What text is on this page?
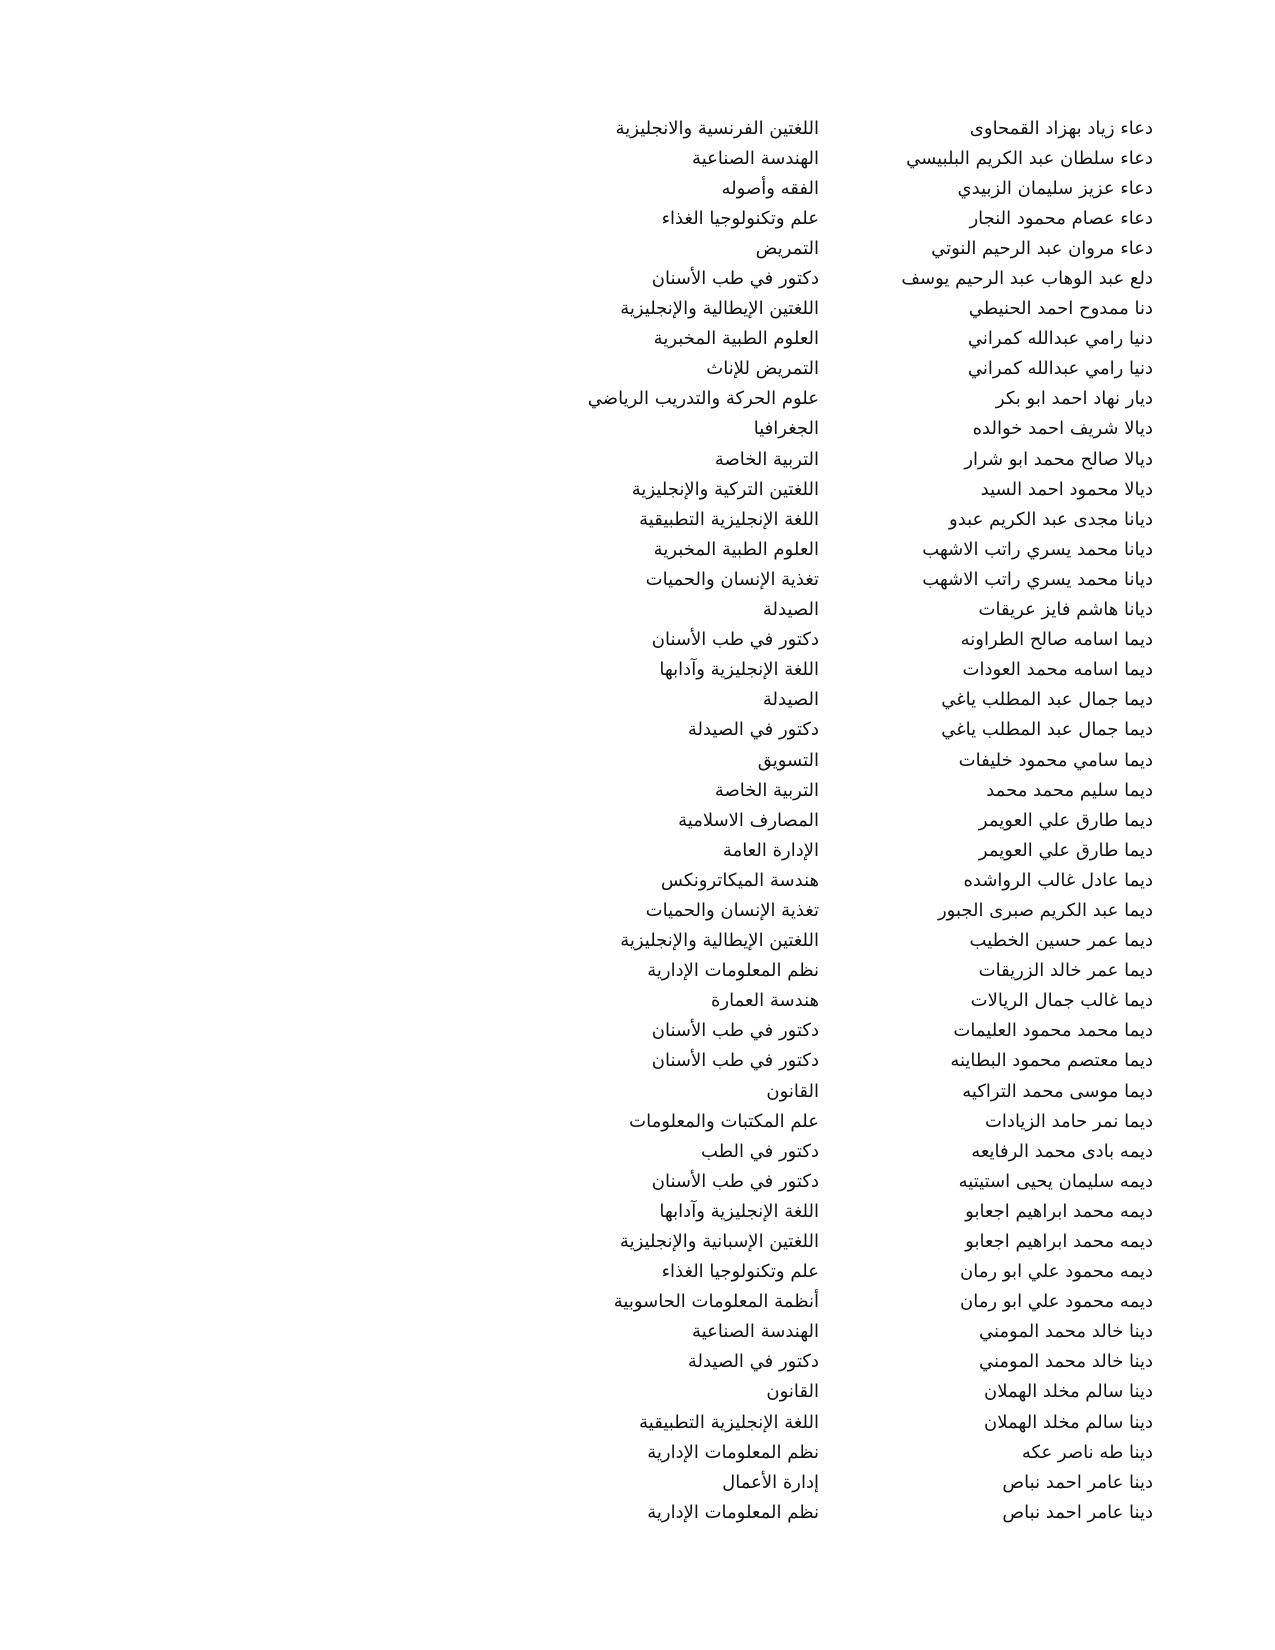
دعاء زياد بهزاد القمحاوى
اللغتين الفرنسية والانجليزية
دعاء سلطان عبد الكريم البلبيسي
الهندسة الصناعية
دعاء عزيز سليمان الزبيدي
الفقه وأصوله
دعاء عصام محمود النجار
علم وتكنولوجيا الغذاء
دعاء مروان عبد الرحيم النوتي
التمريض
دلع عبد الوهاب عبد الرحيم يوسف
دكتور في طب الأسنان
دنا ممدوح احمد الحنيطي
اللغتين الإيطالية والإنجليزية
دنيا رامي عبدالله كمراني
العلوم الطبية المخبرية
دنيا رامي عبدالله كمراني
التمريض للإناث
ديار نهاد احمد ابو بكر
علوم الحركة والتدريب الرياضي
ديالا شريف احمد خوالده
الجغرافيا
ديالا صالح محمد ابو شرار
التربية الخاصة
ديالا محمود احمد السيد
اللغتين التركية والإنجليزية
ديانا مجدى عبد الكريم عبدو
اللغة الإنجليزية التطبيقية
ديانا محمد يسري راتب الاشهب
العلوم الطبية المخبرية
ديانا محمد يسري راتب الاشهب
تغذية الإنسان والحميات
ديانا هاشم فايز عريقات
الصيدلة
ديما اسامه صالح الطراونه
دكتور في طب الأسنان
ديما اسامه محمد العودات
اللغة الإنجليزية وآدابها
ديما جمال عبد المطلب ياغي
الصيدلة
ديما جمال عبد المطلب ياغي
دكتور في الصيدلة
ديما سامي محمود خليفات
التسويق
ديما سليم محمد محمد
التربية الخاصة
ديما طارق علي العويمر
المصارف الاسلامية
ديما طارق علي العويمر
الإدارة العامة
ديما عادل غالب الرواشده
هندسة الميكاترونكس
ديما عبد الكريم صبرى الجبور
تغذية الإنسان والحميات
ديما عمر حسين الخطيب
اللغتين الإيطالية والإنجليزية
ديما عمر خالد الزريقات
نظم المعلومات الإدارية
ديما غالب جمال الريالات
هندسة العمارة
ديما محمد محمود العليمات
دكتور في طب الأسنان
ديما معتصم محمود البطاينه
دكتور في طب الأسنان
ديما موسى محمد التراكيه
القانون
ديما نمر حامد الزيادات
علم المكتبات والمعلومات
ديمه بادى محمد الرفايعه
دكتور في الطب
ديمه سليمان يحيى استيتيه
دكتور في طب الأسنان
ديمه محمد ابراهيم اجعابو
اللغة الإنجليزية وآدابها
ديمه محمد ابراهيم اجعابو
اللغتين الإسبانية والإنجليزية
ديمه محمود علي ابو رمان
علم وتكنولوجيا الغذاء
ديمه محمود علي ابو رمان
أنظمة المعلومات الحاسوبية
دينا خالد محمد المومني
الهندسة الصناعية
دينا خالد محمد المومني
دكتور في الصيدلة
دينا سالم مخلد الهملان
القانون
دينا سالم مخلد الهملان
اللغة الإنجليزية التطبيقية
دينا طه ناصر عكه
نظم المعلومات الإدارية
دينا عامر احمد نباص
إدارة الأعمال
دينا عامر احمد نباص
نظم المعلومات الإدارية
